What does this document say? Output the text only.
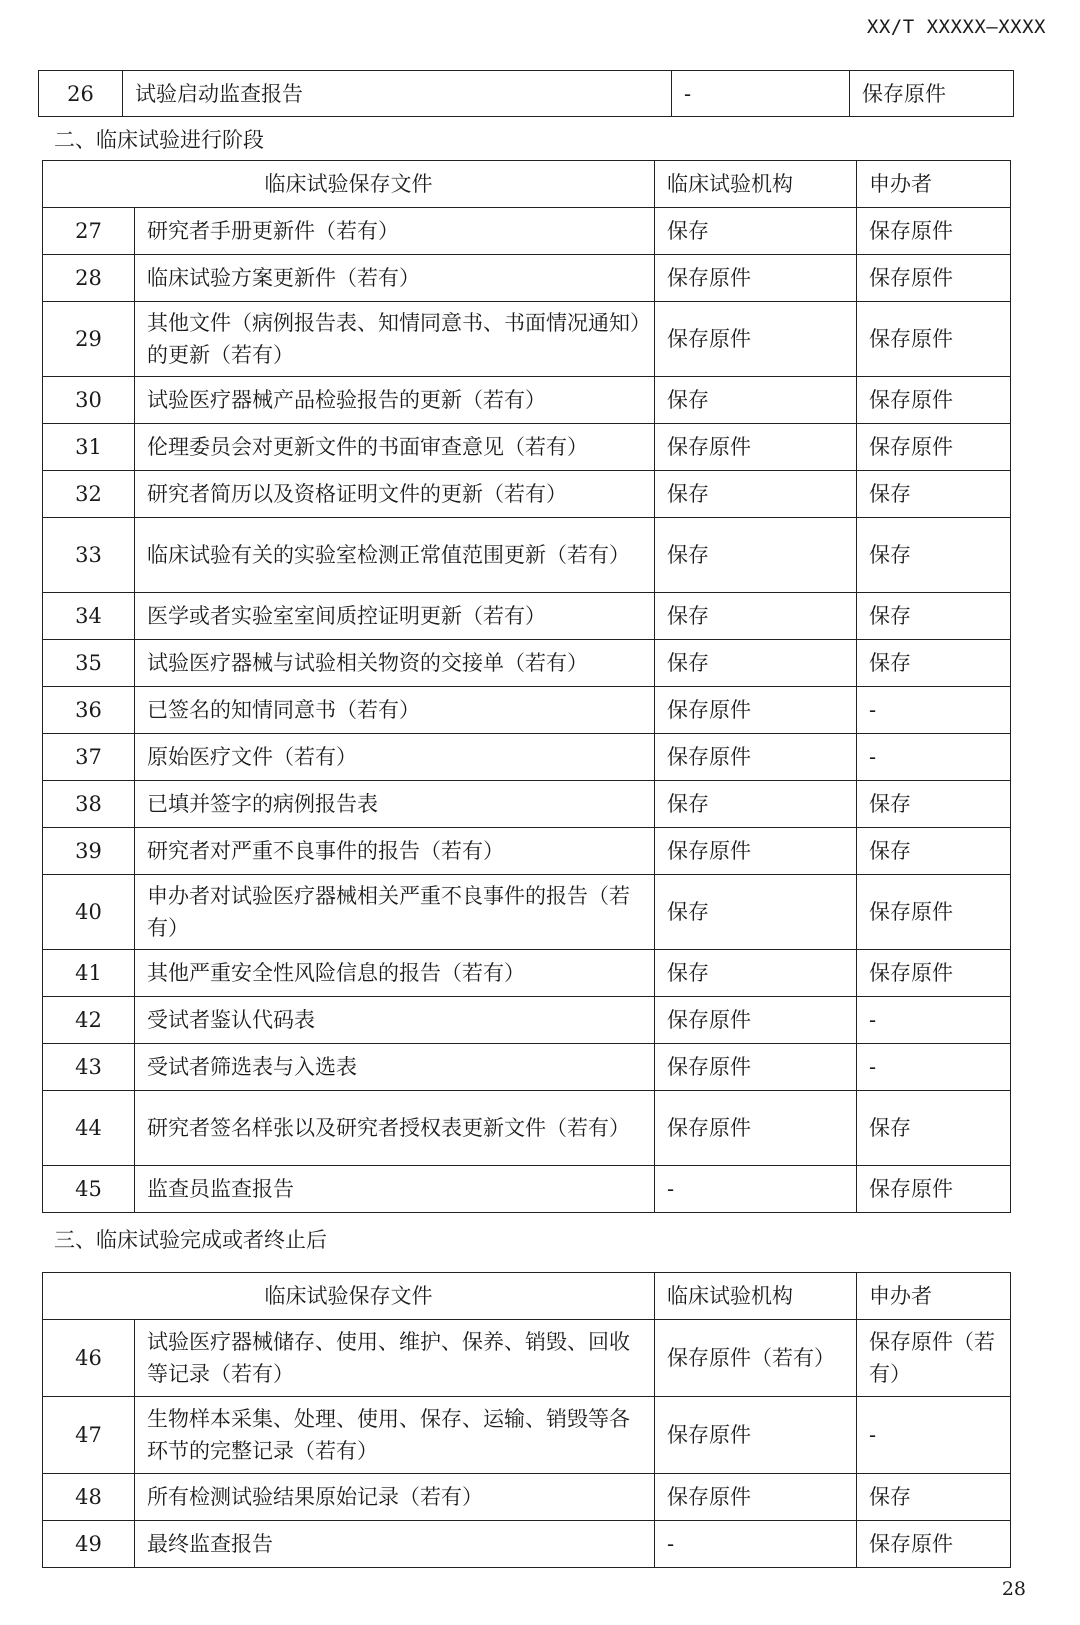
XX/T XXXXX—XXXX
26	试验启动监查报告	-	保存原件
二、临床试验进行阶段
临床试验保存文件		临床试验机构	申办者
27	研究者手册更新件（若有）	保存	保存原件
28	临床试验方案更新件（若有）	保存原件	保存原件
29	其他文件（病例报告表、知情同意书、书面情况通知）的更新（若有）	保存原件	保存原件
30	试验医疗器械产品检验报告的更新（若有）	保存	保存原件
31	伦理委员会对更新文件的书面审查意见（若有）	保存原件	保存原件
32	研究者简历以及资格证明文件的更新（若有）	保存	保存
33	临床试验有关的实验室检测正常值范围更新（若有）	保存	保存
34	医学或者实验室室间质控证明更新（若有）	保存	保存
35	试验医疗器械与试验相关物资的交接单（若有）	保存	保存
36	已签名的知情同意书（若有）	保存原件	-
37	原始医疗文件（若有）	保存原件	-
38	已填并签字的病例报告表	保存	保存
39	研究者对严重不良事件的报告（若有）	保存原件	保存
40	申办者对试验医疗器械相关严重不良事件的报告（若有）	保存	保存原件
41	其他严重安全性风险信息的报告（若有）	保存	保存原件
42	受试者鉴认代码表	保存原件	-
43	受试者筛选表与入选表	保存原件	-
44	研究者签名样张以及研究者授权表更新文件（若有）	保存原件	保存
45	监查员监查报告	-	保存原件
三、临床试验完成或者终止后
临床试验保存文件		临床试验机构	申办者
46	试验医疗器械储存、使用、维护、保养、销毁、回收等记录（若有）	保存原件（若有）	保存原件（若有）
47	生物样本采集、处理、使用、保存、运输、销毁等各环节的完整记录（若有）	保存原件	-
48	所有检测试验结果原始记录（若有）	保存原件	保存
49	最终监查报告	-	保存原件
28
